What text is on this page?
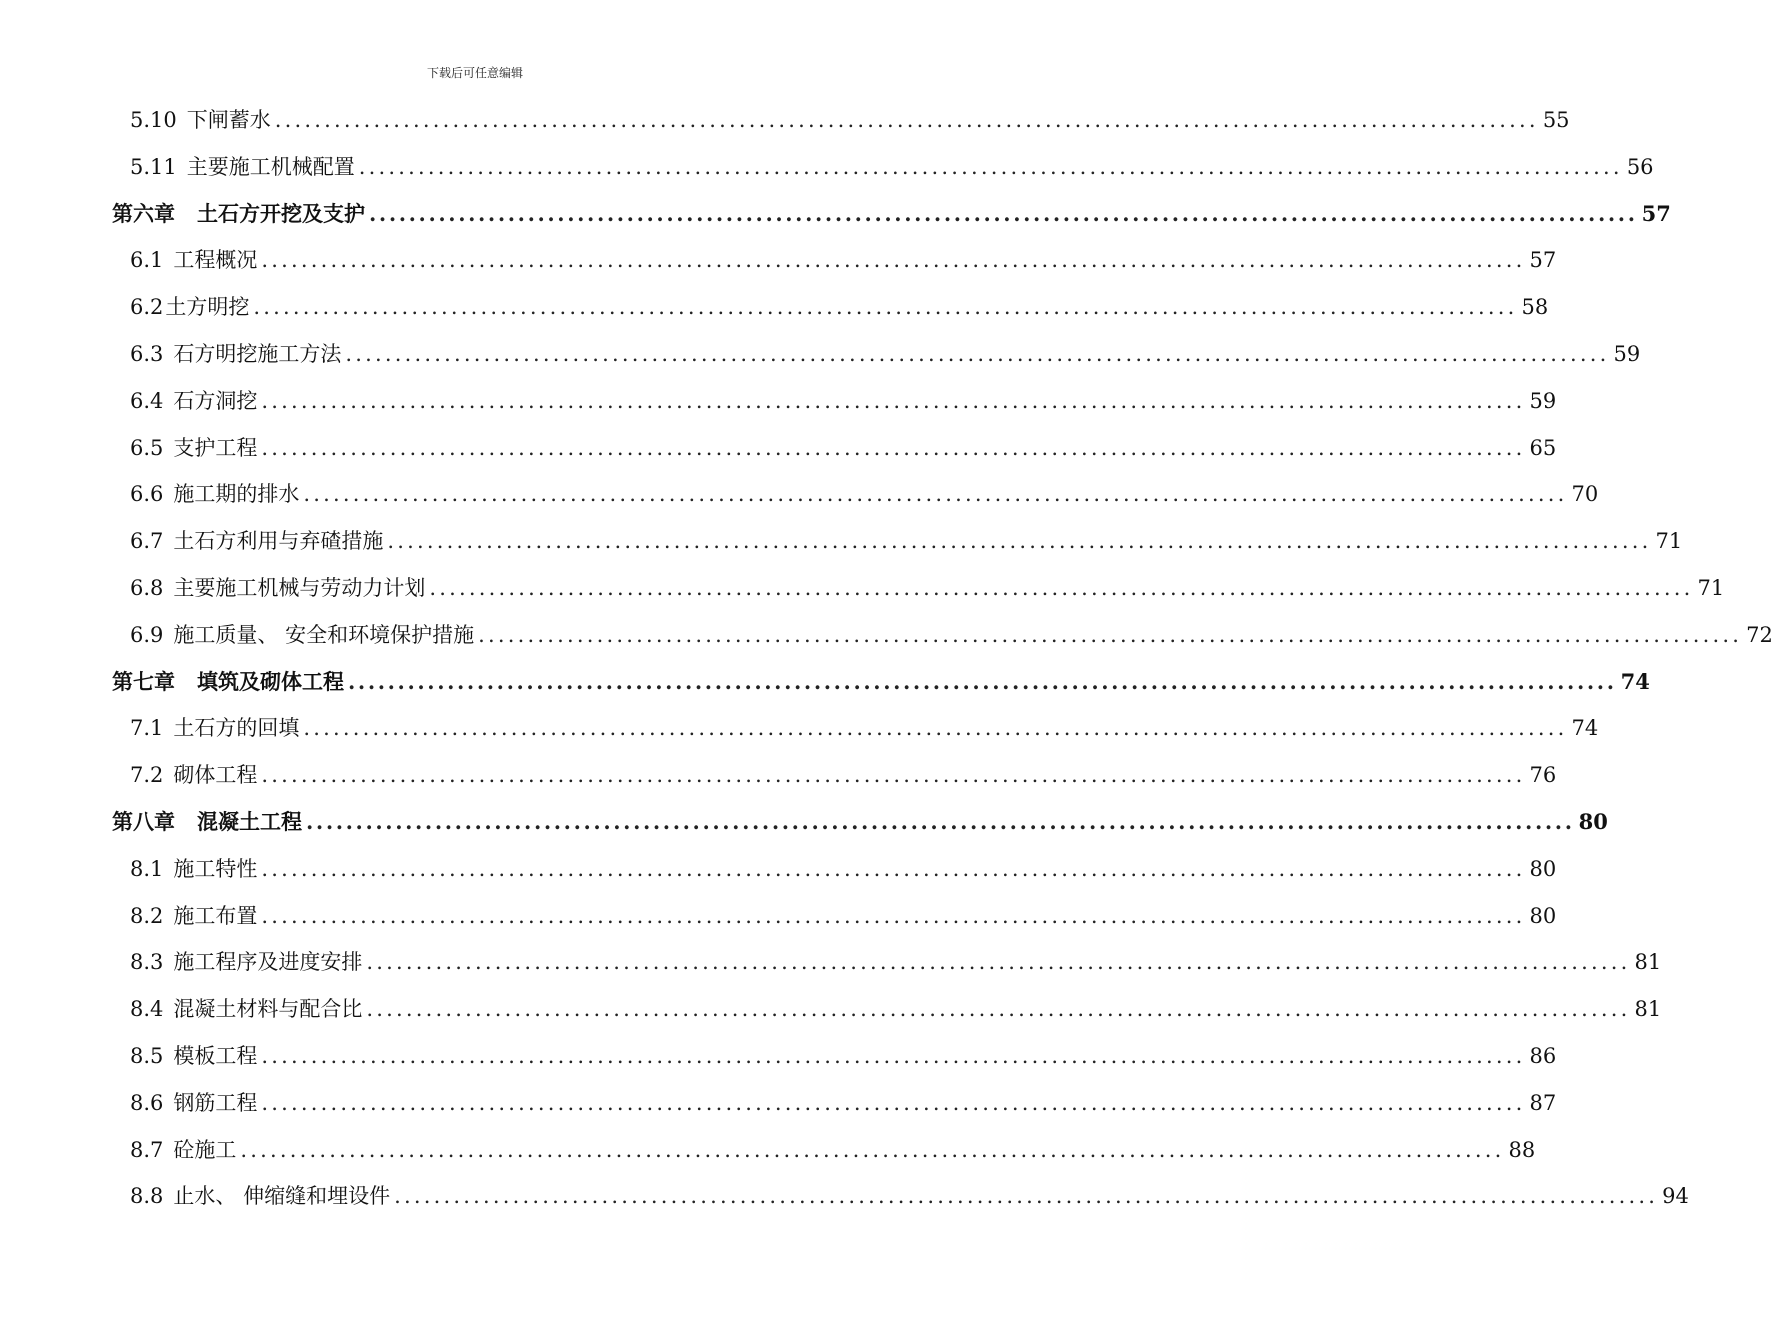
下载后可任意编辑
5.10 下闸蓄水 ................................................................................................................................ 55
5.11 主要施工机械配置 ................................................................................................................................ 56
第六章 土石方开挖及支护 ................................................................................................................................ 57
6.1 工程概况 ................................................................................................................................ 57
6.2 土方明挖 ................................................................................................................................ 58
6.3 石方明挖施工方法 ................................................................................................................................ 59
6.4 石方洞挖 ................................................................................................................................ 59
6.5 支护工程 ................................................................................................................................ 65
6.6 施工期的排水 ................................................................................................................................ 70
6.7 土石方利用与弃碴措施 ................................................................................................................................ 71
6.8 主要施工机械与劳动力计划 ................................................................................................................................ 71
6.9 施工质量、 安全和环境保护措施 ................................................................................................................................ 72
第七章 填筑及砌体工程 ................................................................................................................................ 74
7.1 土石方的回填 ................................................................................................................................ 74
7.2 砌体工程 ................................................................................................................................ 76
第八章 混凝土工程 ................................................................................................................................ 80
8.1 施工特性 ................................................................................................................................ 80
8.2 施工布置 ................................................................................................................................ 80
8.3 施工程序及进度安排 ................................................................................................................................ 81
8.4 混凝土材料与配合比 ................................................................................................................................ 81
8.5 模板工程 ................................................................................................................................ 86
8.6 钢筋工程 ................................................................................................................................ 87
8.7 砼施工 ................................................................................................................................ 88
8.8 止水、 伸缩缝和埋设件 ................................................................................................................................ 94
